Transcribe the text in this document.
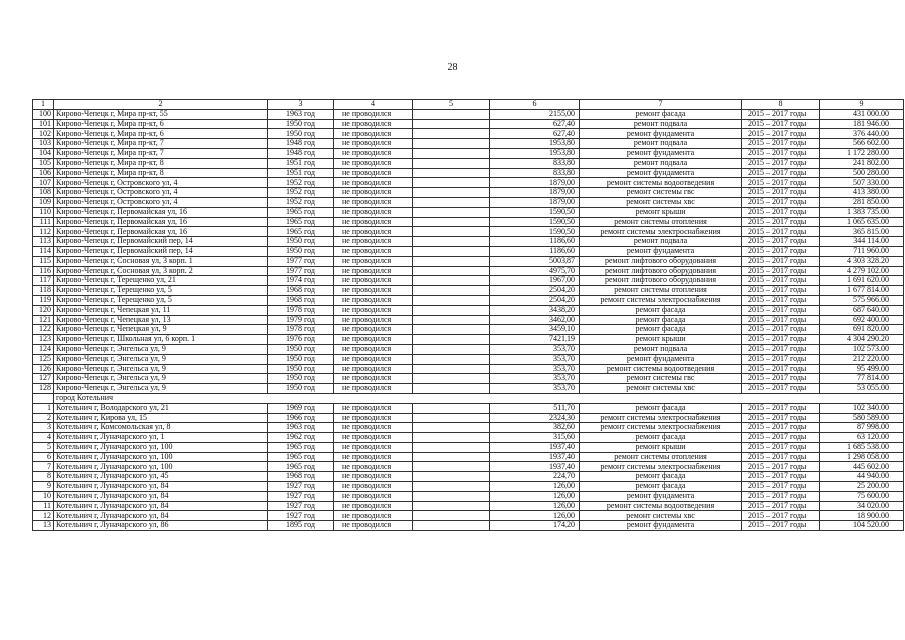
28
1	2	3	4	5	6	7	8	9
100	Кирово-Чепецк г, Мира пр-кт, 55	1963 год	не проводился		2155,00	ремонт фасада	2015 – 2017 годы	431 000.00
101	Кирово-Чепецк г, Мира пр-кт, 6	1950 год	не проводился		627,40	ремонт подвала	2015 – 2017 годы	181 946.00
102	Кирово-Чепецк г, Мира пр-кт, 6	1950 год	не проводился		627,40	ремонт фундамента	2015 – 2017 годы	376 440.00
103	Кирово-Чепецк г, Мира пр-кт, 7	1948 год	не проводился		1953,80	ремонт подвала	2015 – 2017 годы	566 602.00
104	Кирово-Чепецк г, Мира пр-кт, 7	1948 год	не проводился		1953,80	ремонт фундамента	2015 – 2017 годы	1 172 280.00
105	Кирово-Чепецк г, Мира пр-кт, 8	1951 год	не проводился		833,80	ремонт подвала	2015 – 2017 годы	241 802.00
106	Кирово-Чепецк г, Мира пр-кт, 8	1951 год	не проводился		833,80	ремонт фундамента	2015 – 2017 годы	500 280.00
107	Кирово-Чепецк г, Островского ул, 4	1952 год	не проводился		1879,00	ремонт системы водоотведения	2015 – 2017 годы	507 330.00
108	Кирово-Чепецк г, Островского ул, 4	1952 год	не проводился		1879,00	ремонт системы гвс	2015 – 2017 годы	413 380.00
109	Кирово-Чепецк г, Островского ул, 4	1952 год	не проводился		1879,00	ремонт системы хвс	2015 – 2017 годы	281 850.00
110	Кирово-Чепецк г, Первомайская ул, 16	1965 год	не проводился		1590,50	ремонт крыши	2015 – 2017 годы	1 383 735.00
111	Кирово-Чепецк г, Первомайская ул, 16	1965 год	не проводился		1590,50	ремонт системы отопления	2015 – 2017 годы	1 065 635.00
112	Кирово-Чепецк г, Первомайская ул, 16	1965 год	не проводился		1590,50	ремонт системы электроснабжения	2015 – 2017 годы	365 815.00
113	Кирово-Чепецк г, Первомайский пер, 14	1950 год	не проводился		1186,60	ремонт подвала	2015 – 2017 годы	344 114.00
114	Кирово-Чепецк г, Первомайский пер, 14	1950 год	не проводился		1186,60	ремонт фундамента	2015 – 2017 годы	711 960.00
115	Кирово-Чепецк г, Сосновая ул, 3 корп. 1	1977 год	не проводился		5003,87	ремонт лифтового оборудования	2015 – 2017 годы	4 303 328.20
116	Кирово-Чепецк г, Сосновая ул, 3 корп. 2	1977 год	не проводился		4975,70	ремонт лифтового оборудования	2015 – 2017 годы	4 279 102.00
117	Кирово-Чепецк г, Терещенко ул, 21	1974 год	не проводился		1967,00	ремонт лифтового оборудования	2015 – 2017 годы	1 691 620.00
118	Кирово-Чепецк г, Терещенко ул, 5	1968 год	не проводился		2504,20	ремонт системы отопления	2015 – 2017 годы	1 677 814.00
119	Кирово-Чепецк г, Терещенко ул, 5	1968 год	не проводился		2504,20	ремонт системы электроснабжения	2015 – 2017 годы	575 966.00
120	Кирово-Чепецк г, Чепецкая ул, 11	1978 год	не проводился		3438,20	ремонт фасада	2015 – 2017 годы	687 640.00
121	Кирово-Чепецк г, Чепецкая ул, 13	1979 год	не проводился		3462,00	ремонт фасада	2015 – 2017 годы	692 400.00
122	Кирово-Чепецк г, Чепецкая ул, 9	1978 год	не проводился		3459,10	ремонт фасада	2015 – 2017 годы	691 820.00
123	Кирово-Чепецк г, Школьная ул, 6 корп. 1	1976 год	не проводился		7421,19	ремонт крыши	2015 – 2017 годы	4 304 290.20
124	Кирово-Чепецк г, Энгельса ул, 9	1950 год	не проводился		353,70	ремонт подвала	2015 – 2017 годы	102 573.00
125	Кирово-Чепецк г, Энгельса ул, 9	1950 год	не проводился		353,70	ремонт фундамента	2015 – 2017 годы	212 220.00
126	Кирово-Чепецк г, Энгельса ул, 9	1950 год	не проводился		353,70	ремонт системы водоотведения	2015 – 2017 годы	95 499.00
127	Кирово-Чепецк г, Энгельса ул, 9	1950 год	не проводился		353,70	ремонт системы гвс	2015 – 2017 годы	77 814.00
128	Кирово-Чепецк г, Энгельса ул, 9	1950 год	не проводился		353,70	ремонт системы хвс	2015 – 2017 годы	53 055.00
	город Котельнич							
1	Котельнич г, Володарского ул, 21	1969 год	не проводился		511,70	ремонт фасада	2015 – 2017 годы	102 340.00
2	Котельнич г, Кирова ул, 15	1966 год	не проводился		2324,30	ремонт системы электроснабжения	2015 – 2017 годы	580 589.00
3	Котельнич г, Комсомольская ул, 8	1963 год	не проводился		382,60	ремонт системы электроснабжения	2015 – 2017 годы	87 998.00
4	Котельнич г, Луначарского ул, 1	1962 год	не проводился		315,60	ремонт фасада	2015 – 2017 годы	63 120.00
5	Котельнич г, Луначарского ул, 100	1965 год	не проводился		1937,40	ремонт крыши	2015 – 2017 годы	1 685 538.00
6	Котельнич г, Луначарского ул, 100	1965 год	не проводился		1937,40	ремонт системы отопления	2015 – 2017 годы	1 298 058.00
7	Котельнич г, Луначарского ул, 100	1965 год	не проводился		1937,40	ремонт системы электроснабжения	2015 – 2017 годы	445 602.00
8	Котельнич г, Луначарского ул, 45	1968 год	не проводился		224,70	ремонт фасада	2015 – 2017 годы	44 940.00
9	Котельнич г, Луначарского ул, 84	1927 год	не проводился		126,00	ремонт фасада	2015 – 2017 годы	25 200.00
10	Котельнич г, Луначарского ул, 84	1927 год	не проводился		126,00	ремонт фундамента	2015 – 2017 годы	75 600.00
11	Котельнич г, Луначарского ул, 84	1927 год	не проводился		126,00	ремонт системы водоотведения	2015 – 2017 годы	34 020.00
12	Котельнич г, Луначарского ул, 84	1927 год	не проводился		126,00	ремонт системы хвс	2015 – 2017 годы	18 900.00
13	Котельнич г, Луначарского ул, 86	1895 год	не проводился		174,20	ремонт фундамента	2015 – 2017 годы	104 520.00
